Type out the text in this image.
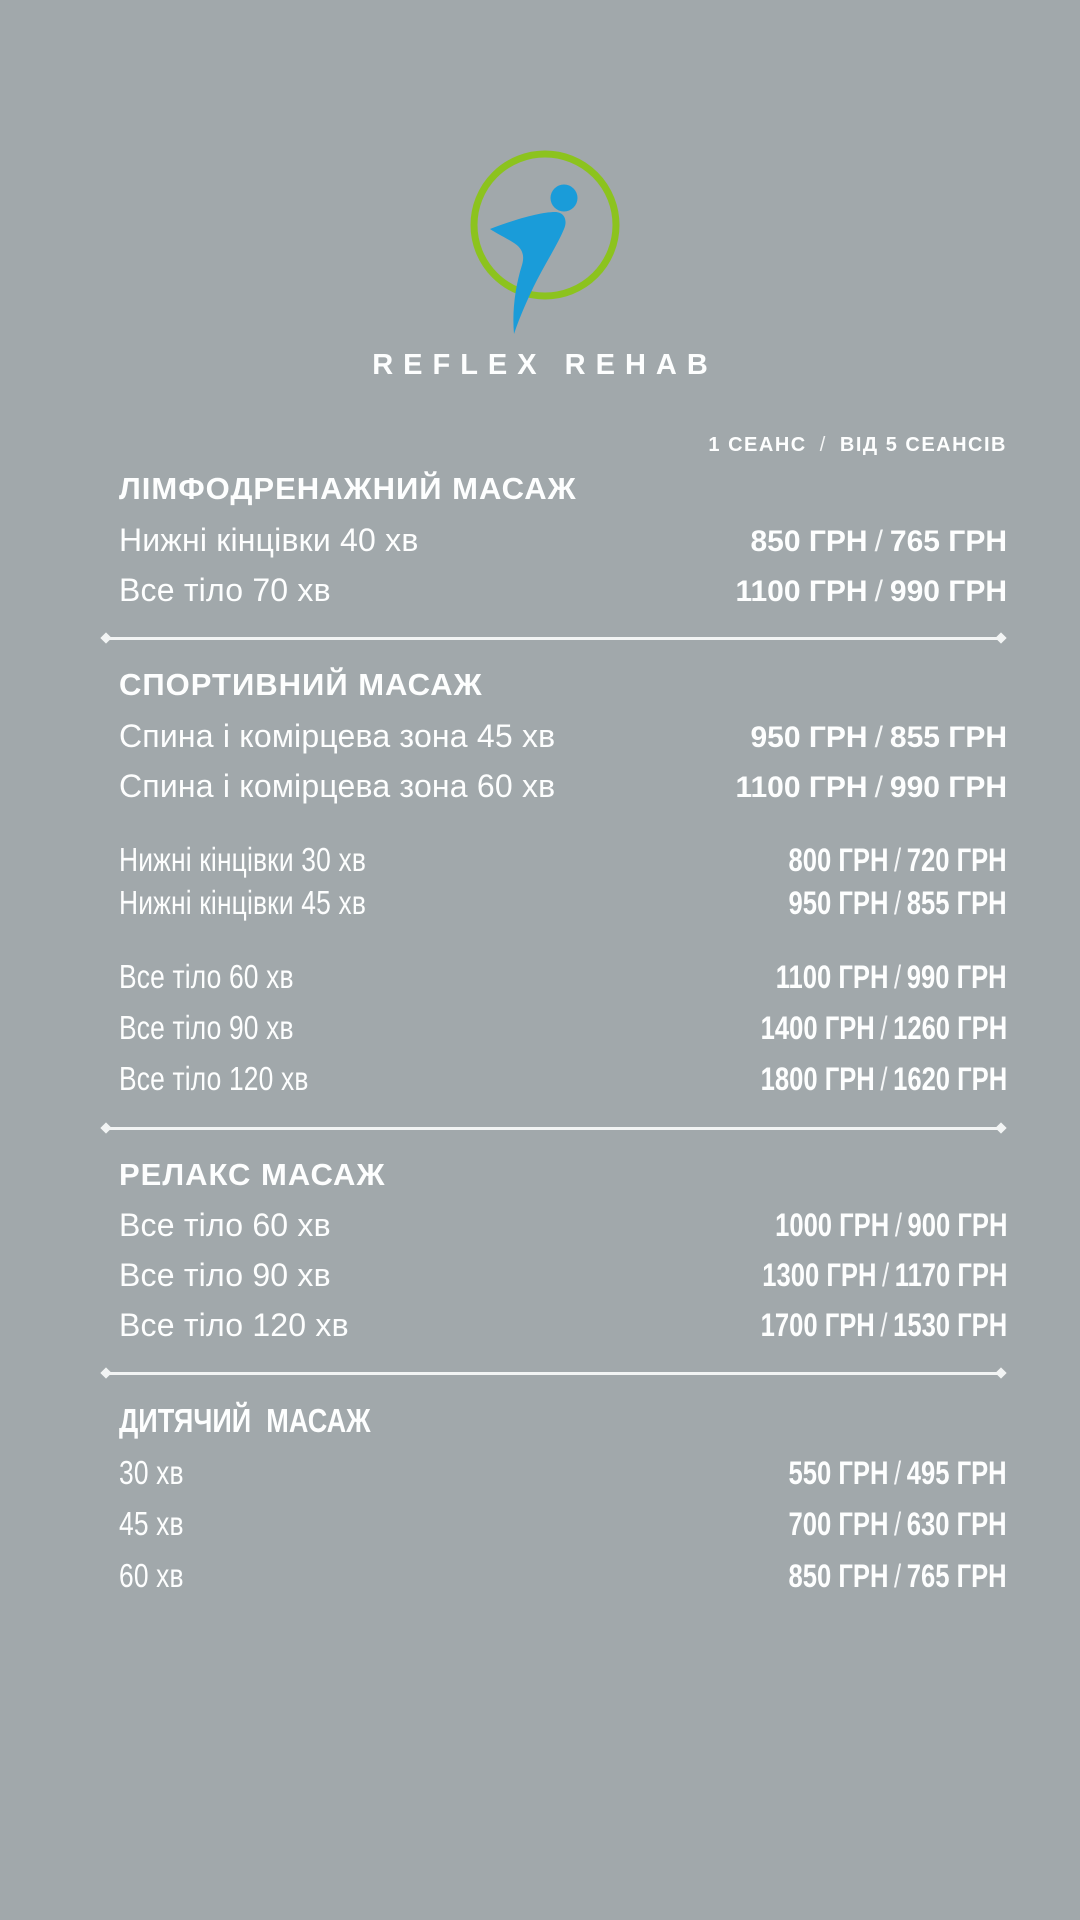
REFLEX REHAB
1 СЕАНС / ВІД 5 СЕАНСІВ
ЛІМФОДРЕНАЖНИЙ МАСАЖ
Нижні кінцівки 40 хв	850 ГРН / 765 ГРН
Все тіло 70 хв	1100 ГРН / 990 ГРН
СПОРТИВНИЙ МАСАЖ
Спина і комірцева зона 45 хв	950 ГРН / 855 ГРН
Спина і комірцева зона 60 хв	1100 ГРН / 990 ГРН
Нижні кінцівки 30 хв	800 ГРН / 720 ГРН
Нижні кінцівки 45 хв	950 ГРН / 855 ГРН
Все тіло 60 хв	1100 ГРН / 990 ГРН
Все тіло 90 хв	1400 ГРН / 1260 ГРН
Все тіло 120 хв	1800 ГРН / 1620 ГРН
РЕЛАКС МАСАЖ
Все тіло 60 хв	1000 ГРН / 900 ГРН
Все тіло 90 хв	1300 ГРН / 1170 ГРН
Все тіло 120 хв	1700 ГРН / 1530 ГРН
ДИТЯЧИЙ  МАСАЖ
30 хв	550 ГРН / 495 ГРН
45 хв	700 ГРН / 630 ГРН
60 хв	850 ГРН / 765 ГРН
